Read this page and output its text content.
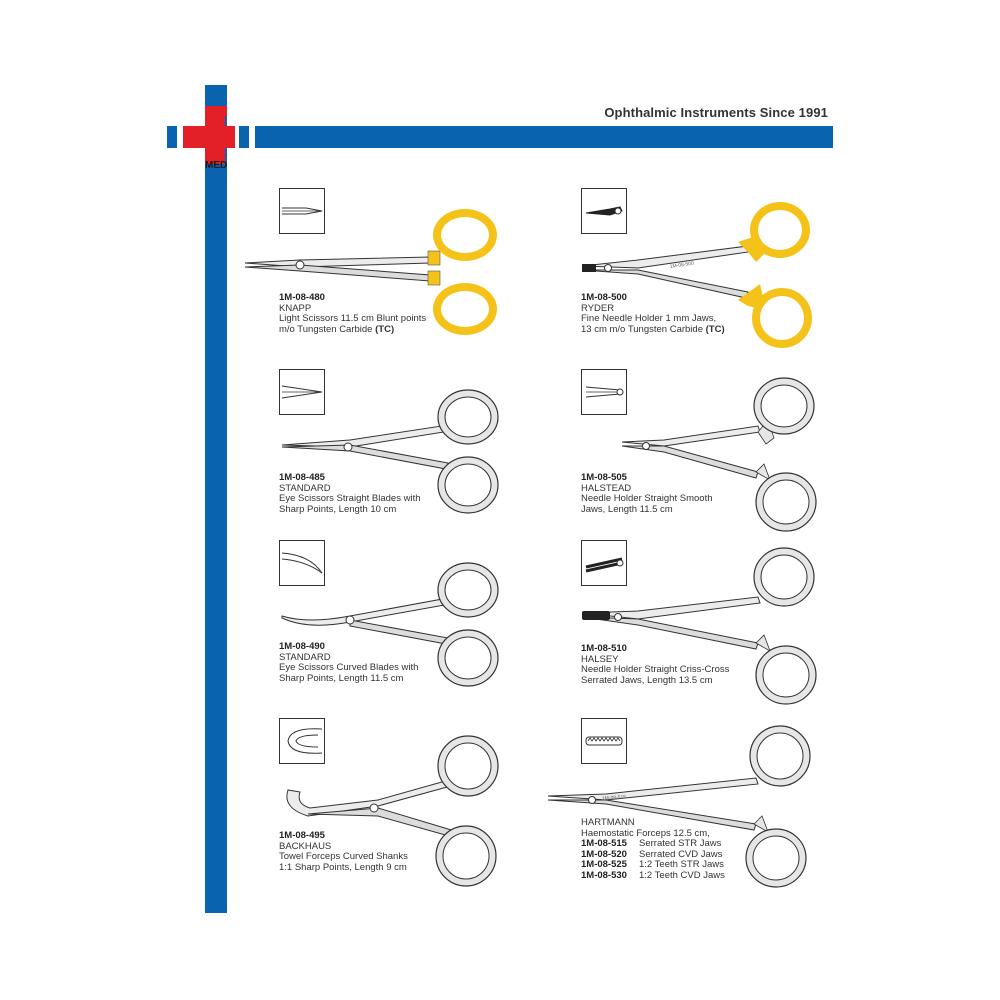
MED
Ophthalmic Instruments Since 1991
1M-08-480
KNAPP
Light Scissors 11.5 cm Blunt points
m/o Tungsten Carbide (TC)
1M-08-485
STANDARD
Eye Scissors Straight Blades with
Sharp Points, Length 10 cm
1M-08-490
STANDARD
Eye Scissors Curved Blades with
Sharp Points, Length 11.5 cm
1M-08-495
BACKHAUS
Towel Forceps Curved Shanks
1:1 Sharp Points, Length 9 cm
1M-08-500
1M-08-500
RYDER
Fine Needle Holder 1 mm Jaws,
13 cm m/o Tungsten Carbide (TC)
1M-08-505
HALSTEAD
Needle Holder Straight Smooth
Jaws, Length 11.5 cm
1M-08-510
HALSEY
Needle Holder Straight Criss-Cross
Serrated Jaws, Length 13.5 cm
1M-08-515
HARTMANN
Haemostatic Forceps 12.5 cm,
1M-08-515 Serrated STR Jaws
1M-08-520 Serrated CVD Jaws
1M-08-525 1:2 Teeth STR Jaws
1M-08-530 1:2 Teeth CVD Jaws
